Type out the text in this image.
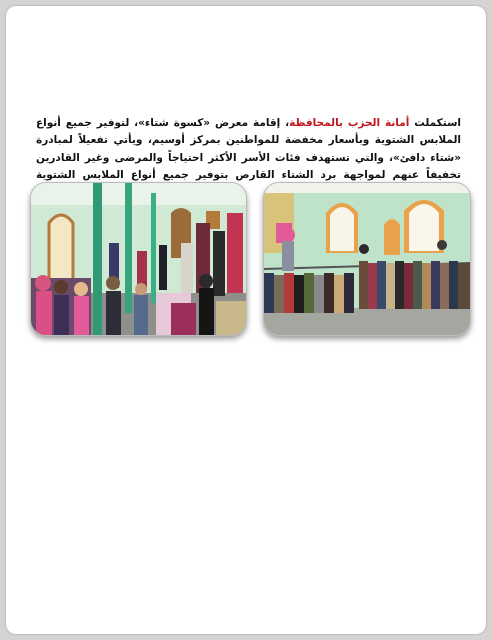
استكملت أمانة الحزب بالمحافظة، إقامة معرض «كسوة شتاء»، لتوفير جميع أنواع الملابس الشتوية وبأسعار مخفضة للمواطنين بمركز أوسيم، ويأتي تفعيلاً لمبادرة «شتاء دافئ»، والتي تستهدف فئات الأسر الأكثر احتياجاً والمرضى وغير القادرين تخفيفاً عنهم لمواجهة برد الشتاء القارص بتوفير جميع أنواع الملابس الشتوية
